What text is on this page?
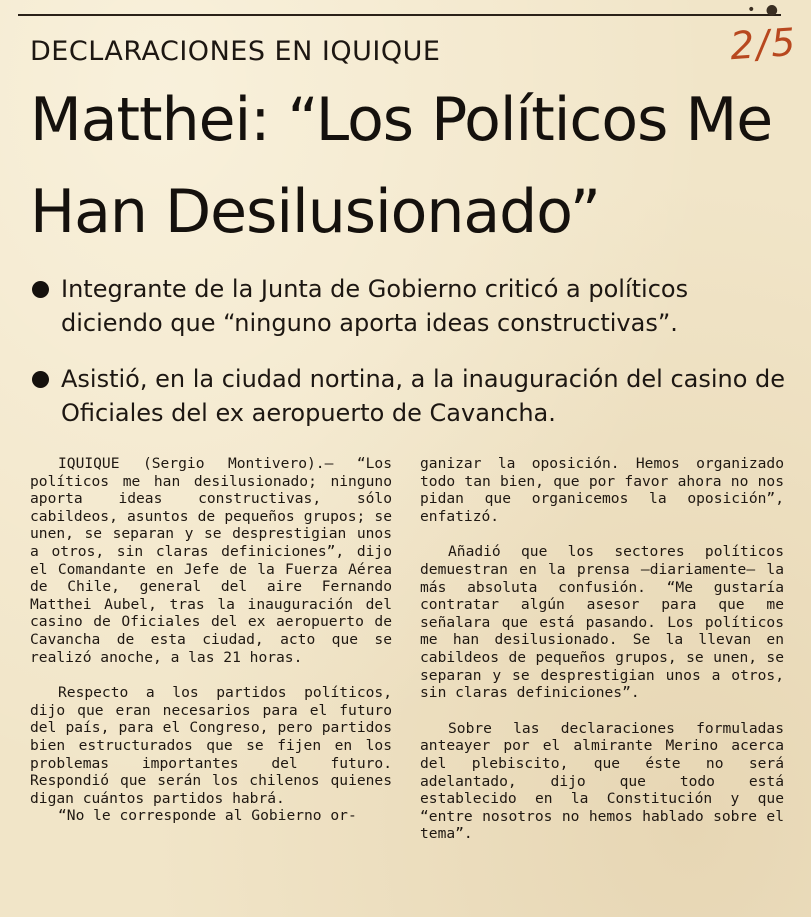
• ●
2/5
DECLARACIONES EN IQUIQUE
Matthei: “Los Políticos Me Han Desilusionado”
Integrante de la Junta de Gobierno criticó a políticos diciendo que “ninguno aporta ideas constructivas”.
Asistió, en la ciudad nortina, a la inauguración del casino de Oficiales del ex aeropuerto de Cavancha.

IQUIQUE (Sergio Montivero).— “Los políticos me han desilusionado; ninguno aporta ideas constructivas, sólo cabildeos, asuntos de pequeños grupos; se unen, se separan y se desprestigian unos a otros, sin claras definiciones”, dijo el Comandante en Jefe de la Fuerza Aérea de Chile, general del aire Fernando Matthei Aubel, tras la inauguración del casino de Oficiales del ex aeropuerto de Cavancha de esta ciudad, acto que se realizó anoche, a las 21 horas.

Respecto a los partidos políticos, dijo que eran necesarios para el futuro del país, para el Congreso, pero partidos bien estructurados que se fijen en los problemas importantes del futuro. Respondió que serán los chilenos quienes digan cuántos partidos habrá.

“No le corresponde al Gobierno or-

ganizar la oposición. Hemos organizado todo tan bien, que por favor ahora no nos pidan que organicemos la oposición”, enfatizó.

Añadió que los sectores políticos demuestran en la prensa —diariamente— la más absoluta confusión. “Me gustaría contratar algún asesor para que me señalara que está pasando. Los políticos me han desilusionado. Se la llevan en cabildeos de pequeños grupos, se unen, se separan y se desprestigian unos a otros, sin claras definiciones”.

Sobre las declaraciones formuladas anteayer por el almirante Merino acerca del plebiscito, que éste no será adelantado, dijo que todo está establecido en la Constitución y que “entre nosotros no hemos hablado sobre el tema”.
